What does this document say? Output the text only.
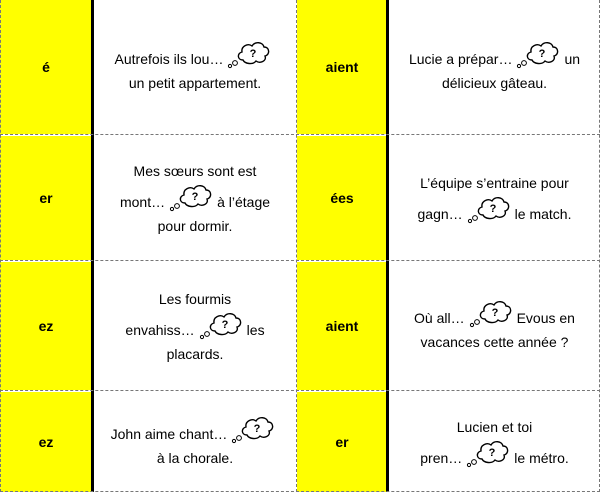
é
Autrefois ils lou… ?

un petit appartement.
aient
Lucie a prépar… ? un
délicieux gâteau.
er
Mes sœurs sont est
mont… ? à l’étage
pour dormir.
ées
L’équipe s’entraine pour
gagn… ? le match.
ez
Les fourmis
envahiss… ? les
placards.
aient
Où all… ? Evous en
vacances cette année ?
ez
John aime chant… ?

à la chorale.
er
Lucien et toi
pren… ? le métro.
